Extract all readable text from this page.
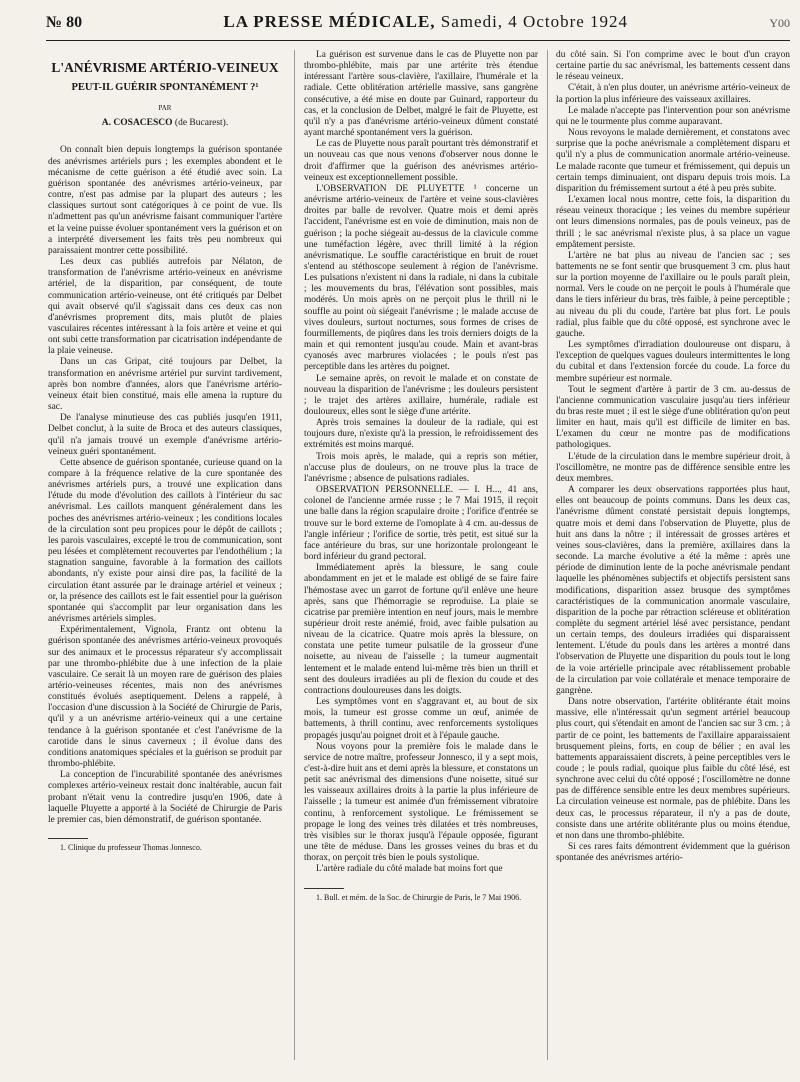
№ 80	LA PRESSE MÉDICALE, Samedi, 4 Octobre 1924	Y00
L'ANÉVRISME ARTÉRIO-VEINEUX
PEUT-IL GUÉRIR SPONTANÉMENT ?¹
PAR
A. COSACESCO (de Bucarest).

On connaît bien depuis longtemps la guérison spontanée des anévrismes artériels purs ; les exemples abondent et le mécanisme de cette guérison a été étudié avec soin. La guérison spontanée des anévrismes artério-veineux, par contre, n'est pas admise par la plupart des auteurs ; les classiques surtout sont catégoriques à ce point de vue. Ils n'admettent pas qu'un anévrisme faisant communiquer l'artère et la veine puisse évoluer spontanément vers la guérison et on a interprété diversement les faits très peu nombreux qui paraissaient montrer cette possibilité.

Les deux cas publiés autrefois par Nélaton, de transformation de l'anévrisme artério-veineux en anévrisme artériel, de la disparition, par conséquent, de toute communication artério-veineuse, ont été critiqués par Delbet qui avait observé qu'il s'agissait dans ces deux cas non d'anévrismes proprement dits, mais plutôt de plaies vasculaires récentes intéressant à la fois artère et veine et qui ont subi cette transformation par cicatrisation indépendante de la plaie veineuse.

Dans un cas Gripat, cité toujours par Delbet, la transformation en anévrisme artériel pur survint tardivement, après bon nombre d'années, alors que l'anévrisme artério-veineux était bien constitué, mais elle amena la rupture du sac.

De l'analyse minutieuse des cas publiés jusqu'en 1911, Delbet conclut, à la suite de Broca et des auteurs classiques, qu'il n'a jamais trouvé un exemple d'anévrisme artério-veineux guéri spontanément.

Cette absence de guérison spontanée, curieuse quand on la compare à la fréquence relative de la cure spontanée des anévrismes artériels purs, a trouvé une explication dans l'étude du mode d'évolution des caillots à l'intérieur du sac anévrismal. Les caillots manquent généralement dans les poches des anévrismes artério-veineux ; les conditions locales de la circulation sont peu propices pour le dépôt de caillots ; les parois vasculaires, excepté le trou de communication, sont peu lésées et complètement recouvertes par l'endothélium ; la stagnation sanguine, favorable à la formation des caillots abondants, n'y existe pour ainsi dire pas, la facilité de la circulation étant assurée par le drainage artériel et veineux ; or, la présence des caillots est le fait essentiel pour la guérison spontanée qui s'accomplit par leur organisation dans les anévrismes artériels simples.

Expérimentalement, Vignola, Frantz ont obtenu la guérison spontanée des anévrismes artério-veineux provoqués sur des animaux et le processus réparateur s'y accomplissait par une thrombo-phlébite due à une infection de la plaie vasculaire. Ce serait là un moyen rare de guérison des plaies artério-veineuses récentes, mais non des anévrismes constitués évolués aseptiquement. Delens a rappelé, à l'occasion d'une discussion à la Société de Chirurgie de Paris, qu'il y a un anévrisme artério-veineux qui a une certaine tendance à la guérison spontanée et c'est l'anévrisme de la carotide dans le sinus caverneux ; il évolue dans des conditions anatomiques spéciales et la guérison se produit par thrombo-phlébite.

La conception de l'incurabilité spontanée des anévrismes complexes artério-veineux restait donc inaltérable, aucun fait probant n'était venu la contredire jusqu'en 1906, date à laquelle Pluyette a apporté à la Société de Chirurgie de Paris le premier cas, bien démonstratif, de guérison spontanée.

1. Clinique du professeur Thomas Jonnesco.

La guérison est survenue dans le cas de Pluyette non par thrombo-phlébite, mais par une artérite très étendue intéressant l'artère sous-clavière, l'axillaire, l'humérale et la radiale. Cette oblitération artérielle massive, sans gangrène consécutive, a été mise en doute par Guinard, rapporteur du cas, et la conclusion de Delbet, malgré le fait de Pluyette, est qu'il n'y a pas d'anévrisme artério-veineux dûment constaté ayant marché spontanément vers la guérison.

Le cas de Pluyette nous paraît pourtant très démonstratif et un nouveau cas que nous venons d'observer nous donne le droit d'affirmer que la guérison des anévrismes artério-veineux est exceptionnellement possible.

L'OBSERVATION DE PLUYETTE ¹ concerne un anévrisme artério-veineux de l'artère et veine sous-clavières droites par balle de revolver. Quatre mois et demi après l'accident, l'anévrisme est en voie de diminution, mais non de guérison ; la poche siégeait au-dessus de la clavicule comme une tuméfaction légère, avec thrill limité à la région anévrismatique. Le souffle caractéristique en bruit de rouet s'entend au stéthoscope seulement à région de l'anévrisme. Les pulsations n'existent ni dans la radiale, ni dans la cubitale ; les mouvements du bras, l'élévation sont possibles, mais modérés. Un mois après on ne perçoit plus le thrill ni le souffle au point où siégeait l'anévrisme ; le malade accuse de vives douleurs, surtout nocturnes, sous formes de crises de fourmillements, de piqûres dans les trois derniers doigts de la main et qui remontent jusqu'au coude. Main et avant-bras cyanosés avec marbrures violacées ; le pouls n'est pas perceptible dans les artères du poignet.

Le semaine après, on revoit le malade et on constate de nouveau la disparition de l'anévrisme ; les douleurs persistent ; le trajet des artères axillaire, humérale, radiale est douloureux, elles sont le siège d'une artérite.

Après trois semaines la douleur de la radiale, qui est toujours dure, n'existe qu'à la pression, le refroidissement des extrémités est moins marqué.

Trois mois après, le malade, qui a repris son métier, n'accuse plus de douleurs, on ne trouve plus la trace de l'anévrisme ; absence de pulsations radiales.

OBSERVATION PERSONNELLE. — I. H..., 41 ans, colonel de l'ancienne armée russe ; le 7 Mai 1915, il reçoit une balle dans la région scapulaire droite ; l'orifice d'entrée se trouve sur le bord externe de l'omoplate à 4 cm. au-dessus de l'angle inférieur ; l'orifice de sortie, très petit, est situé sur la face antérieure du bras, sur une horizontale prolongeant le bord inférieur du grand pectoral.

Immédiatement après la blessure, le sang coule abondamment en jet et le malade est obligé de se faire faire l'hémostase avec un garrot de fortune qu'il enlève une heure après, sans que l'hémorragie se reproduise. La plaie se cicatrise par première intention en neuf jours, mais le membre supérieur droit reste anémié, froid, avec faible pulsation au niveau de la cicatrice. Quatre mois après la blessure, on constata une petite tumeur pulsatile de la grosseur d'une noisette, au niveau de l'aisselle ; la tumeur augmentait lentement et le malade entend lui-même très bien un thrill et sent des douleurs irradiées au pli de flexion du coude et des contractions douloureuses dans les doigts.

Les symptômes vont en s'aggravant et, au bout de six mois, la tumeur est grosse comme un œuf, animée de battements, à thrill continu, avec renforcements systoliques propagés jusqu'au poignet droit et à l'épaule gauche.

Nous voyons pour la première fois le malade dans le service de notre maître, professeur Jonnesco, il y a sept mois, c'est-à-dire huit ans et demi après la blessure, et constatons un petit sac anévrismal des dimensions d'une noisette, situé sur les vaisseaux axillaires droits à la partie la plus inférieure de l'aisselle ; la tumeur est animée d'un frémissement vibratoire continu, à renforcement systolique. Le frémissement se propage le long des veines très dilatées et très nombreuses, très visibles sur le thorax jusqu'à l'épaule opposée, figurant une tête de méduse. Dans les grosses veines du bras et du thorax, on perçoit très bien le pouls systolique.

L'artère radiale du côté malade bat moins fort que

1. Bull. et mém. de la Soc. de Chirurgie de Paris, le 7 Mai 1906.

du côté sain. Si l'on comprime avec le bout d'un crayon certaine partie du sac anévrismal, les battements cessent dans le réseau veineux.

C'était, à n'en plus douter, un anévrisme artério-veineux de la portion la plus inférieure des vaisseaux axillaires.

Le malade n'accepte pas l'intervention pour son anévrisme qui ne le tourmente plus comme auparavant.

Nous revoyons le malade dernièrement, et constatons avec surprise que la poche anévrismale a complètement disparu et qu'il n'y a plus de communication anormale artério-veineuse. Le malade raconte que tumeur et frémissement, qui depuis un certain temps diminuaient, ont disparu depuis trois mois. La disparition du frémissement surtout a été à peu près subite.

L'examen local nous montre, cette fois, la disparition du réseau veineux thoracique ; les veines du membre supérieur ont leurs dimensions normales, pas de pouls veineux, pas de thrill ; le sac anévrismal n'existe plus, à sa place un vague empâtement persiste.

L'artère ne bat plus au niveau de l'ancien sac ; ses battements ne se font sentir que brusquement 3 cm. plus haut sur la portion moyenne de l'axillaire ou le pouls paraît plein, normal. Vers le coude on ne perçoit le pouls à l'humérale que dans le tiers inférieur du bras, très faible, à peine perceptible ; au niveau du pli du coude, l'artère bat plus fort. Le pouls radial, plus faible que du côté opposé, est synchrone avec le gauche.

Les symptômes d'irradiation douloureuse ont disparu, à l'exception de quelques vagues douleurs intermittentes le long du cubital et dans l'extension forcée du coude. La force du membre supérieur est normale.

Tout le segment d'artère à partir de 3 cm. au-dessus de l'ancienne communication vasculaire jusqu'au tiers inférieur du bras reste muet ; il est le siège d'une oblitération qu'on peut limiter en haut, mais qu'il est difficile de limiter en bas. L'examen du cœur ne montre pas de modifications pathologiques.

L'étude de la circulation dans le membre supérieur droit, à l'oscillomètre, ne montre pas de différence sensible entre les deux membres.

A comparer les deux observations rapportées plus haut, elles ont beaucoup de points communs. Dans les deux cas, l'anévrisme dûment constaté persistait depuis longtemps, quatre mois et demi dans l'observation de Pluyette, plus de huit ans dans la nôtre ; il intéressait de grosses artères et veines sous-clavières, dans la première, axillaires dans la seconde. La marche évolutive a été la même : après une période de diminution lente de la poche anévrismale pendant laquelle les phénomènes subjectifs et objectifs persistent sans modifications, disparition assez brusque des symptômes caractéristiques de la communication anormale vasculaire, disparition de la poche par rétraction scléreuse et oblitération complète du segment artériel lésé avec persistance, pendant un certain temps, des douleurs irradiées qui disparaissent lentement. L'étude du pouls dans les artères a montré dans l'observation de Pluyette une disparition du pouls tout le long de la voie artérielle principale avec rétablissement probable de la circulation par voie collatérale et menace temporaire de gangrène.

Dans notre observation, l'artérite oblitérante était moins massive, elle n'intéressait qu'un segment artériel beaucoup plus court, qui s'étendait en amont de l'ancien sac sur 3 cm. ; à partir de ce point, les battements de l'axillaire apparaissaient brusquement pleins, forts, en coup de bélier ; en aval les battements apparaissaient discrets, à peine perceptibles vers le coude ; le pouls radial, quoique plus faible du côté lésé, est synchrone avec celui du côté opposé ; l'oscillomètre ne donne pas de différence sensible entre les deux membres supérieurs. La circulation veineuse est normale, pas de phlébite. Dans les deux cas, le processus réparateur, il n'y a pas de doute, consiste dans une artérite oblitérante plus ou moins étendue, et non dans une thrombo-phlébite.

Si ces rares faits démontrent évidemment que la guérison spontanée des anévrismes artério-
